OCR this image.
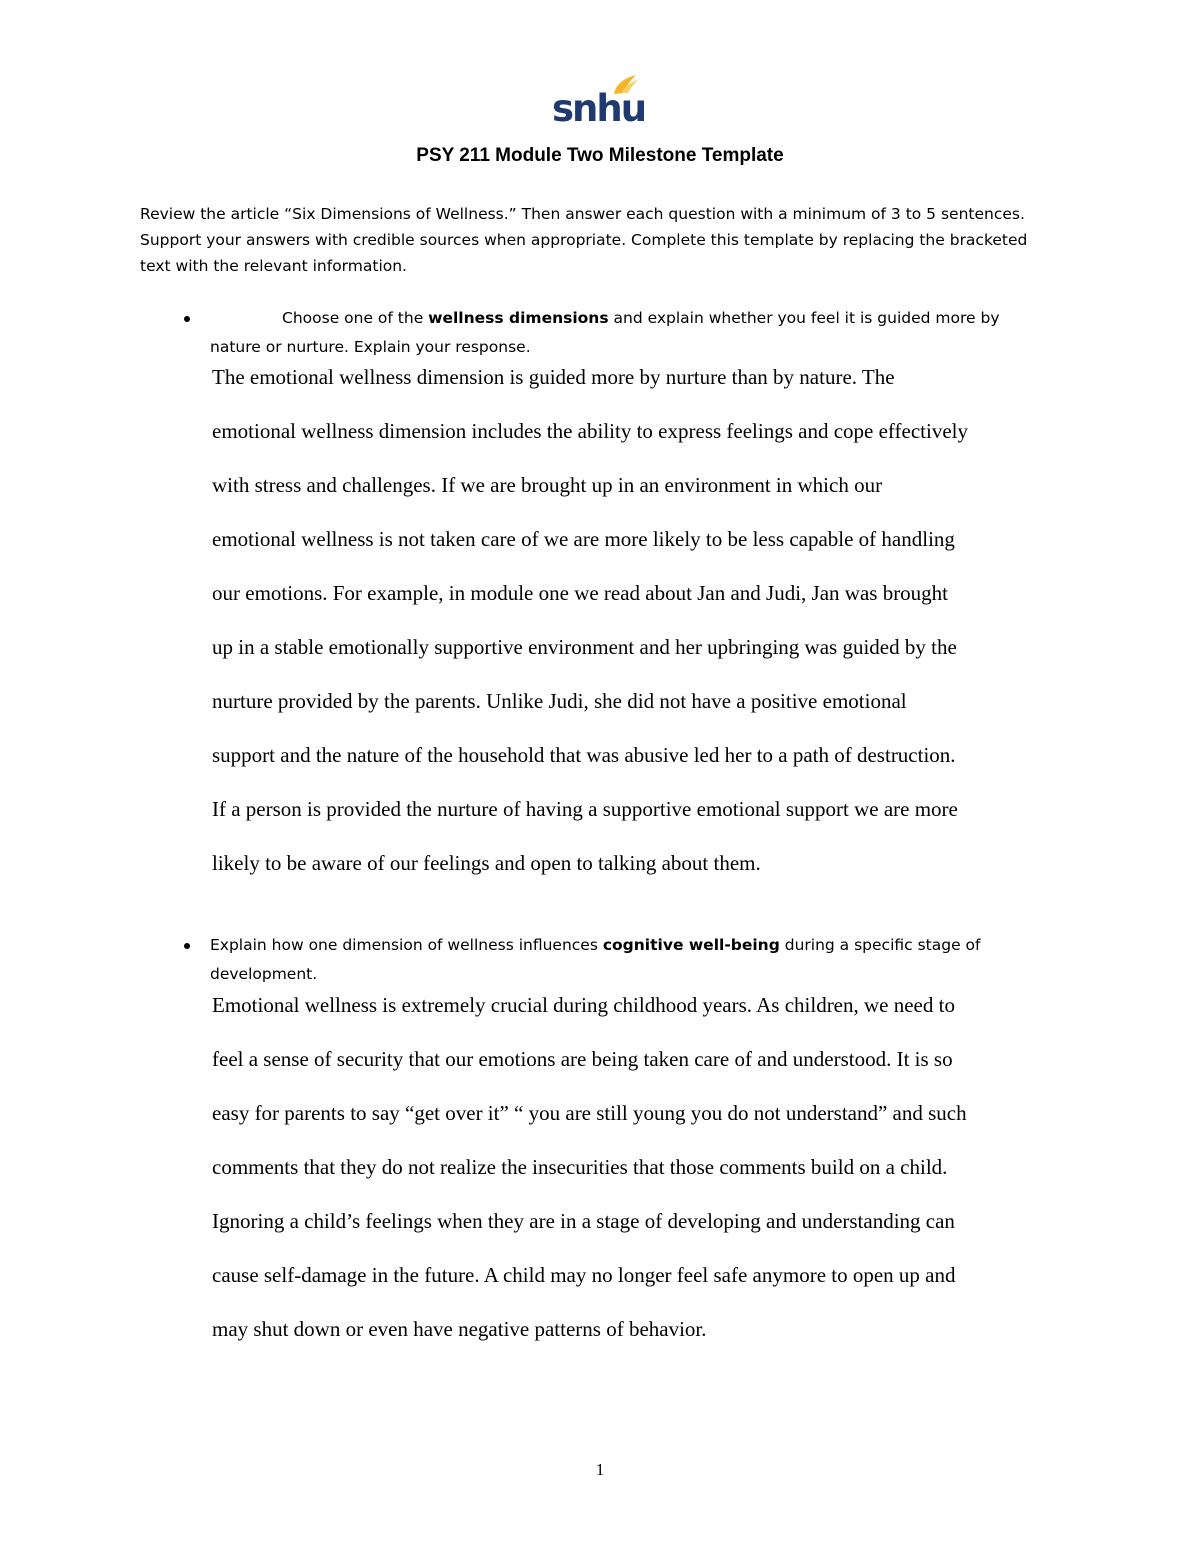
snhu
PSY 211 Module Two Milestone Template
Review the article “Six Dimensions of Wellness.” Then answer each question with a minimum of 3 to 5 sentences. Support your answers with credible sources when appropriate. Complete this template by replacing the bracketed text with the relevant information.
Choose one of the wellness dimensions and explain whether you feel it is guided more by nature or nurture. Explain your response.
The emotional wellness dimension is guided more by nurture than by nature. The
emotional wellness dimension includes the ability to express feelings and cope effectively
with stress and challenges. If we are brought up in an environment in which our
emotional wellness is not taken care of we are more likely to be less capable of handling
our emotions. For example, in module one we read about Jan and Judi, Jan was brought
up in a stable emotionally supportive environment and her upbringing was guided by the
nurture provided by the parents. Unlike Judi, she did not have a positive emotional
support and the nature of the household that was abusive led her to a path of destruction.
If a person is provided the nurture of having a supportive emotional support we are more
likely to be aware of our feelings and open to talking about them.
Explain how one dimension of wellness influences cognitive well-being during a specific stage of development.
Emotional wellness is extremely crucial during childhood years. As children, we need to
feel a sense of security that our emotions are being taken care of and understood. It is so
easy for parents to say “get over it” “ you are still young you do not understand” and such
comments that they do not realize the insecurities that those comments build on a child.
Ignoring a child’s feelings when they are in a stage of developing and understanding can
cause self-damage in the future. A child may no longer feel safe anymore to open up and
may shut down or even have negative patterns of behavior.
1
